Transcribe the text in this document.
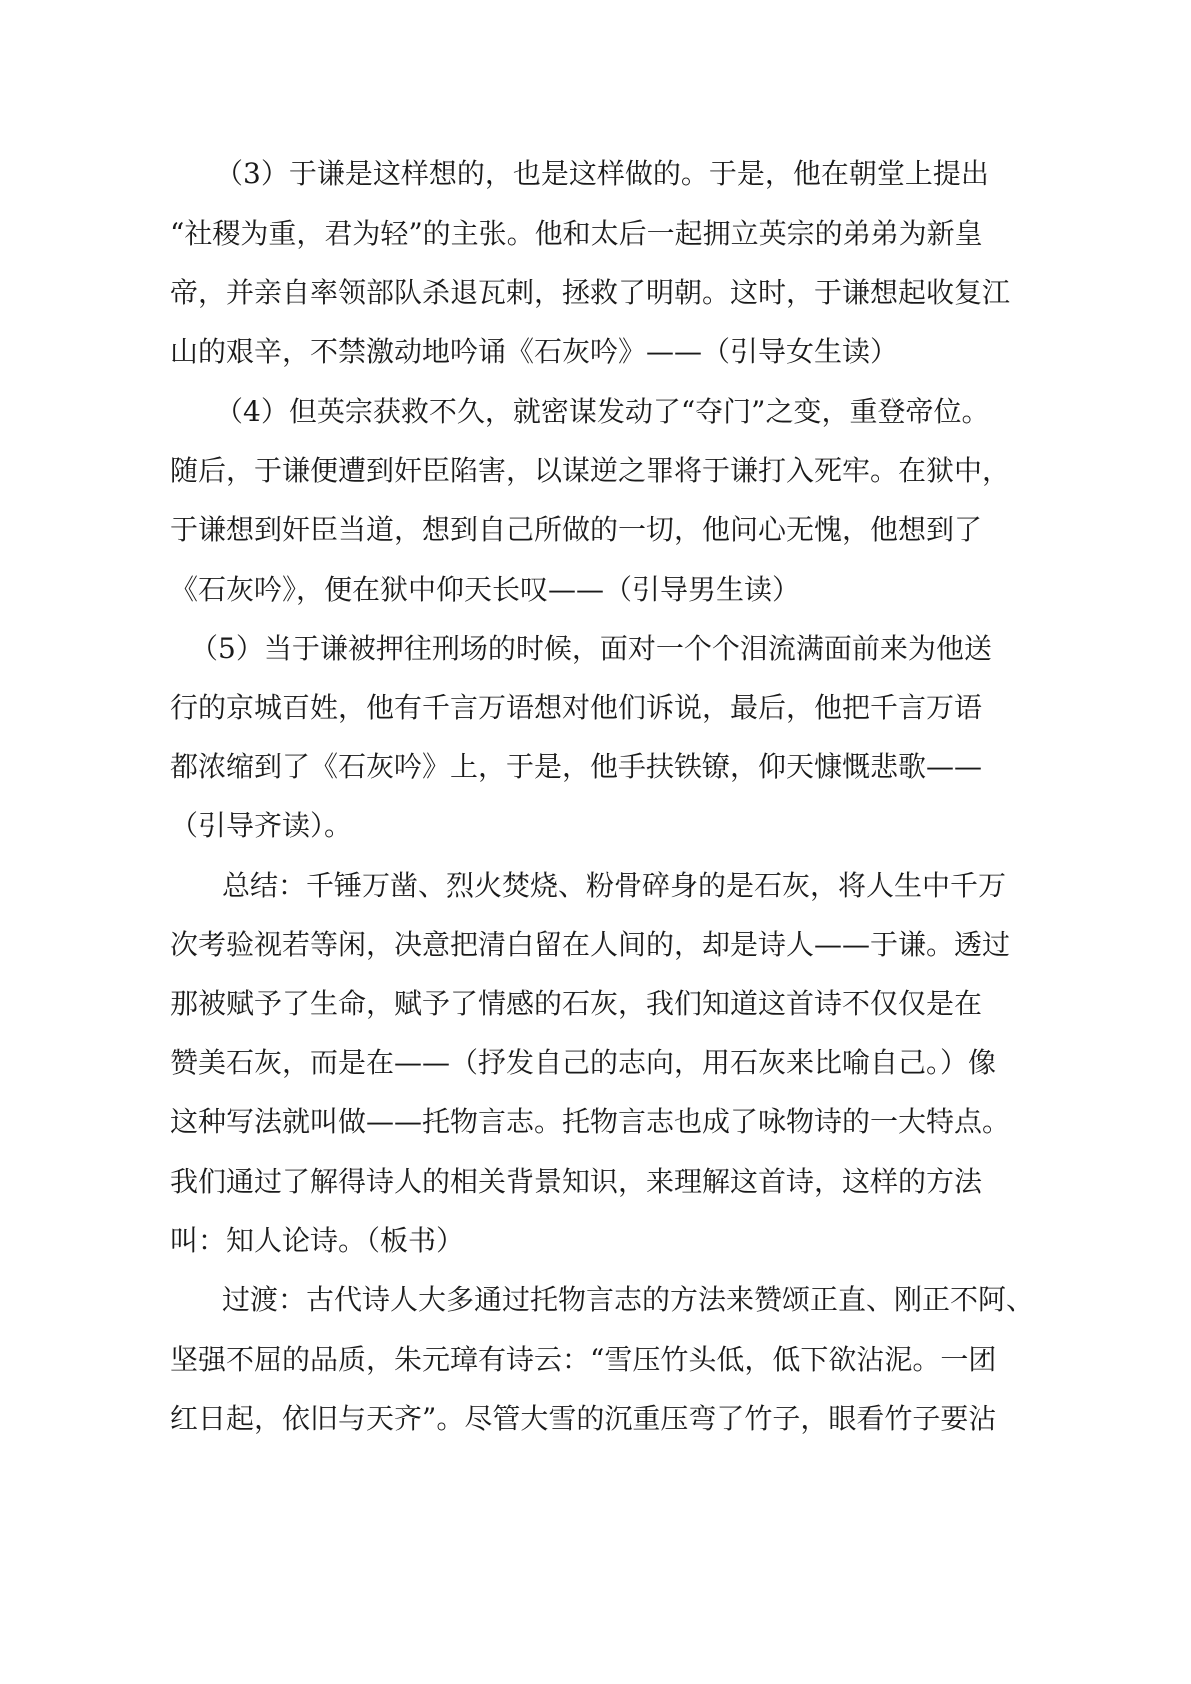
（3）于谦是这样想的，也是这样做的。于是，他在朝堂上提出

“社稷为重，君为轻”的主张。他和太后一起拥立英宗的弟弟为新皇

帝，并亲自率领部队杀退瓦剌，拯救了明朝。这时，于谦想起收复江

山的艰辛，不禁激动地吟诵《石灰吟》——（引导女生读）

（4）但英宗获救不久，就密谋发动了“夺门”之变，重登帝位。

随后，于谦便遭到奸臣陷害，以谋逆之罪将于谦打入死牢。在狱中，

于谦想到奸臣当道，想到自己所做的一切，他问心无愧，他想到了

《石灰吟》，便在狱中仰天长叹——（引导男生读）

（5）当于谦被押往刑场的时候，面对一个个泪流满面前来为他送

行的京城百姓，他有千言万语想对他们诉说，最后，他把千言万语

都浓缩到了《石灰吟》上，于是，他手扶铁镣，仰天慷慨悲歌——

（引导齐读）。

总结：千锤万凿、烈火焚烧、粉骨碎身的是石灰，将人生中千万

次考验视若等闲，决意把清白留在人间的，却是诗人——于谦。透过

那被赋予了生命，赋予了情感的石灰，我们知道这首诗不仅仅是在

赞美石灰，而是在——（抒发自己的志向，用石灰来比喻自己。）像

这种写法就叫做——托物言志。托物言志也成了咏物诗的一大特点。

我们通过了解得诗人的相关背景知识，来理解这首诗，这样的方法

叫：知人论诗。（板书）

过渡：古代诗人大多通过托物言志的方法来赞颂正直、刚正不阿、

坚强不屈的品质，朱元璋有诗云：“雪压竹头低，低下欲沾泥。一团

红日起，依旧与天齐”。尽管大雪的沉重压弯了竹子，眼看竹子要沾
